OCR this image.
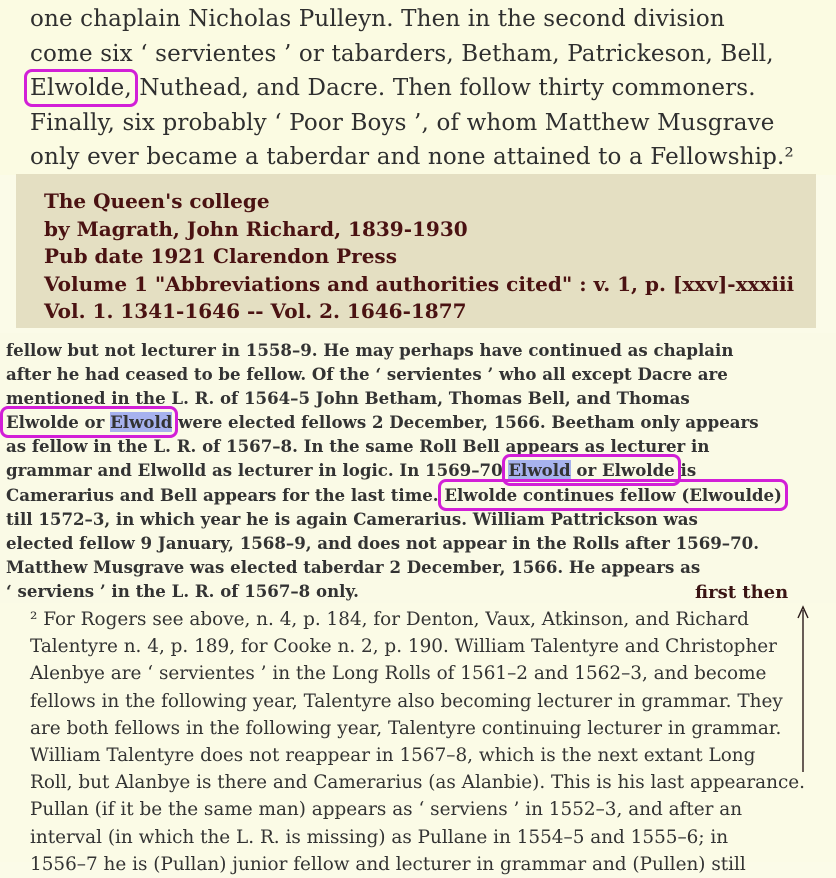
one chaplain Nicholas Pulleyn. Then in the second division

come six ‘ servientes ’ or tabarders, Betham, Patrickeson, Bell,

Elwolde, Nuthead, and Dacre. Then follow thirty commoners.

Finally, six probably ‘ Poor Boys ’, of whom Matthew Musgrave

only ever became a taberdar and none attained to a Fellowship.²

The Queen's college

by Magrath, John Richard, 1839-1930

Pub date 1921 Clarendon Press

Volume 1 "Abbreviations and authorities cited" : v. 1, p. [xxv]-xxxiii

Vol. 1. 1341-1646 -- Vol. 2. 1646-1877

fellow but not lecturer in 1558–9. He may perhaps have continued as chaplain

after he had ceased to be fellow. Of the ‘ servientes ’ who all except Dacre are

mentioned in the L. R. of 1564–5 John Betham, Thomas Bell, and Thomas

Elwolde or Elwold were elected fellows 2 December, 1566. Beetham only appears

as fellow in the L. R. of 1567–8. In the same Roll Bell appears as lecturer in

grammar and Elwolld as lecturer in logic. In 1569–70 Elwold or Elwolde is

Camerarius and Bell appears for the last time. Elwolde continues fellow (Elwoulde)

till 1572–3, in which year he is again Camerarius. William Pattrickson was

elected fellow 9 January, 1568–9, and does not appear in the Rolls after 1569–70.

Matthew Musgrave was elected taberdar 2 December, 1566. He appears as

‘ serviens ’ in the L. R. of 1567–8 only.

² For Rogers see above, n. 4, p. 184, for Denton, Vaux, Atkinson, and Richard

Talentyre n. 4, p. 189, for Cooke n. 2, p. 190. William Talentyre and Christopher

Alenbye are ‘ servientes ’ in the Long Rolls of 1561–2 and 1562–3, and become

fellows in the following year, Talentyre also becoming lecturer in grammar. They

are both fellows in the following year, Talentyre continuing lecturer in grammar.

William Talentyre does not reappear in 1567–8, which is the next extant Long

Roll, but Alanbye is there and Camerarius (as Alanbie). This is his last appearance.

Pullan (if it be the same man) appears as ‘ serviens ’ in 1552–3, and after an

interval (in which the L. R. is missing) as Pullane in 1554–5 and 1555–6; in

1556–7 he is (Pullan) junior fellow and lecturer in grammar and (Pullen) still

first then
